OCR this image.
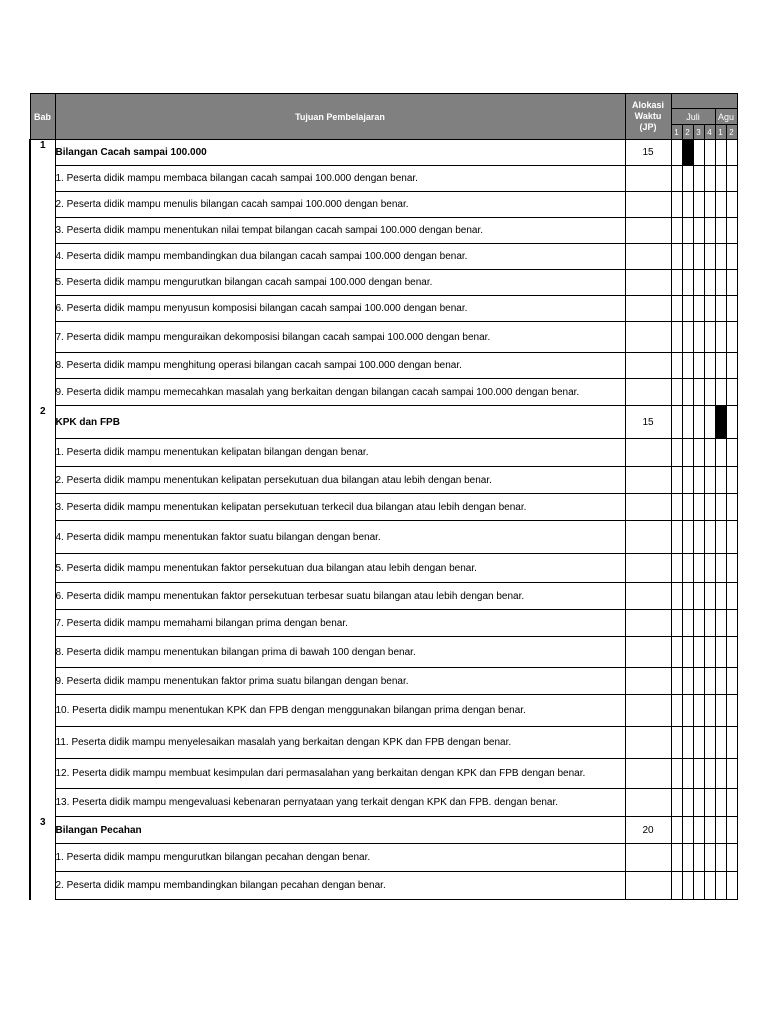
Bab	Tujuan Pembelajaran	Alokasi Waktu (JP)						
			Juli				Agu	
			1	2	3	4	1	2
1	Bilangan Cacah sampai 100.000	15						
	1. Peserta didik mampu membaca bilangan cacah sampai 100.000 dengan benar.							
	2. Peserta didik mampu menulis bilangan cacah sampai 100.000 dengan benar.							
	3. Peserta didik mampu menentukan nilai tempat bilangan cacah sampai 100.000 dengan benar.							
	4. Peserta didik mampu membandingkan dua bilangan cacah sampai 100.000 dengan benar.							
	5. Peserta didik mampu mengurutkan bilangan cacah sampai 100.000 dengan benar.							
	6. Peserta didik mampu menyusun komposisi bilangan cacah sampai 100.000 dengan benar.							
	7. Peserta didik mampu menguraikan dekomposisi bilangan cacah sampai 100.000 dengan benar.							
	8. Peserta didik mampu menghitung operasi bilangan cacah sampai 100.000 dengan benar.							
	9. Peserta didik mampu memecahkan masalah yang berkaitan dengan bilangan cacah sampai 100.000 dengan benar.							
2	KPK dan FPB	15						
	1. Peserta didik mampu menentukan kelipatan bilangan dengan benar.							
	2. Peserta didik mampu menentukan kelipatan persekutuan dua bilangan atau lebih dengan benar.							
	3. Peserta didik mampu menentukan kelipatan persekutuan terkecil dua bilangan atau lebih dengan benar.							
	4. Peserta didik mampu menentukan faktor suatu bilangan dengan benar.							
	5. Peserta didik mampu menentukan faktor persekutuan dua bilangan atau lebih dengan benar.							
	6. Peserta didik mampu menentukan faktor persekutuan terbesar suatu bilangan atau lebih dengan benar.							
	7. Peserta didik mampu memahami bilangan prima dengan benar.							
	8. Peserta didik mampu menentukan bilangan prima di bawah 100 dengan benar.							
	9. Peserta didik mampu menentukan faktor prima suatu bilangan dengan benar.							
	10. Peserta didik mampu menentukan KPK dan FPB dengan menggunakan bilangan prima dengan benar.							
	11. Peserta didik mampu menyelesaikan masalah yang berkaitan dengan KPK dan FPB dengan benar.							
	12. Peserta didik mampu membuat kesimpulan dari permasalahan yang berkaitan dengan KPK dan FPB dengan benar.							
	13. Peserta didik mampu mengevaluasi kebenaran pernyataan yang terkait dengan KPK dan FPB. dengan benar.							
3	Bilangan Pecahan	20						
	1. Peserta didik mampu mengurutkan bilangan pecahan dengan benar.							
	2. Peserta didik mampu membandingkan bilangan pecahan dengan benar.							
